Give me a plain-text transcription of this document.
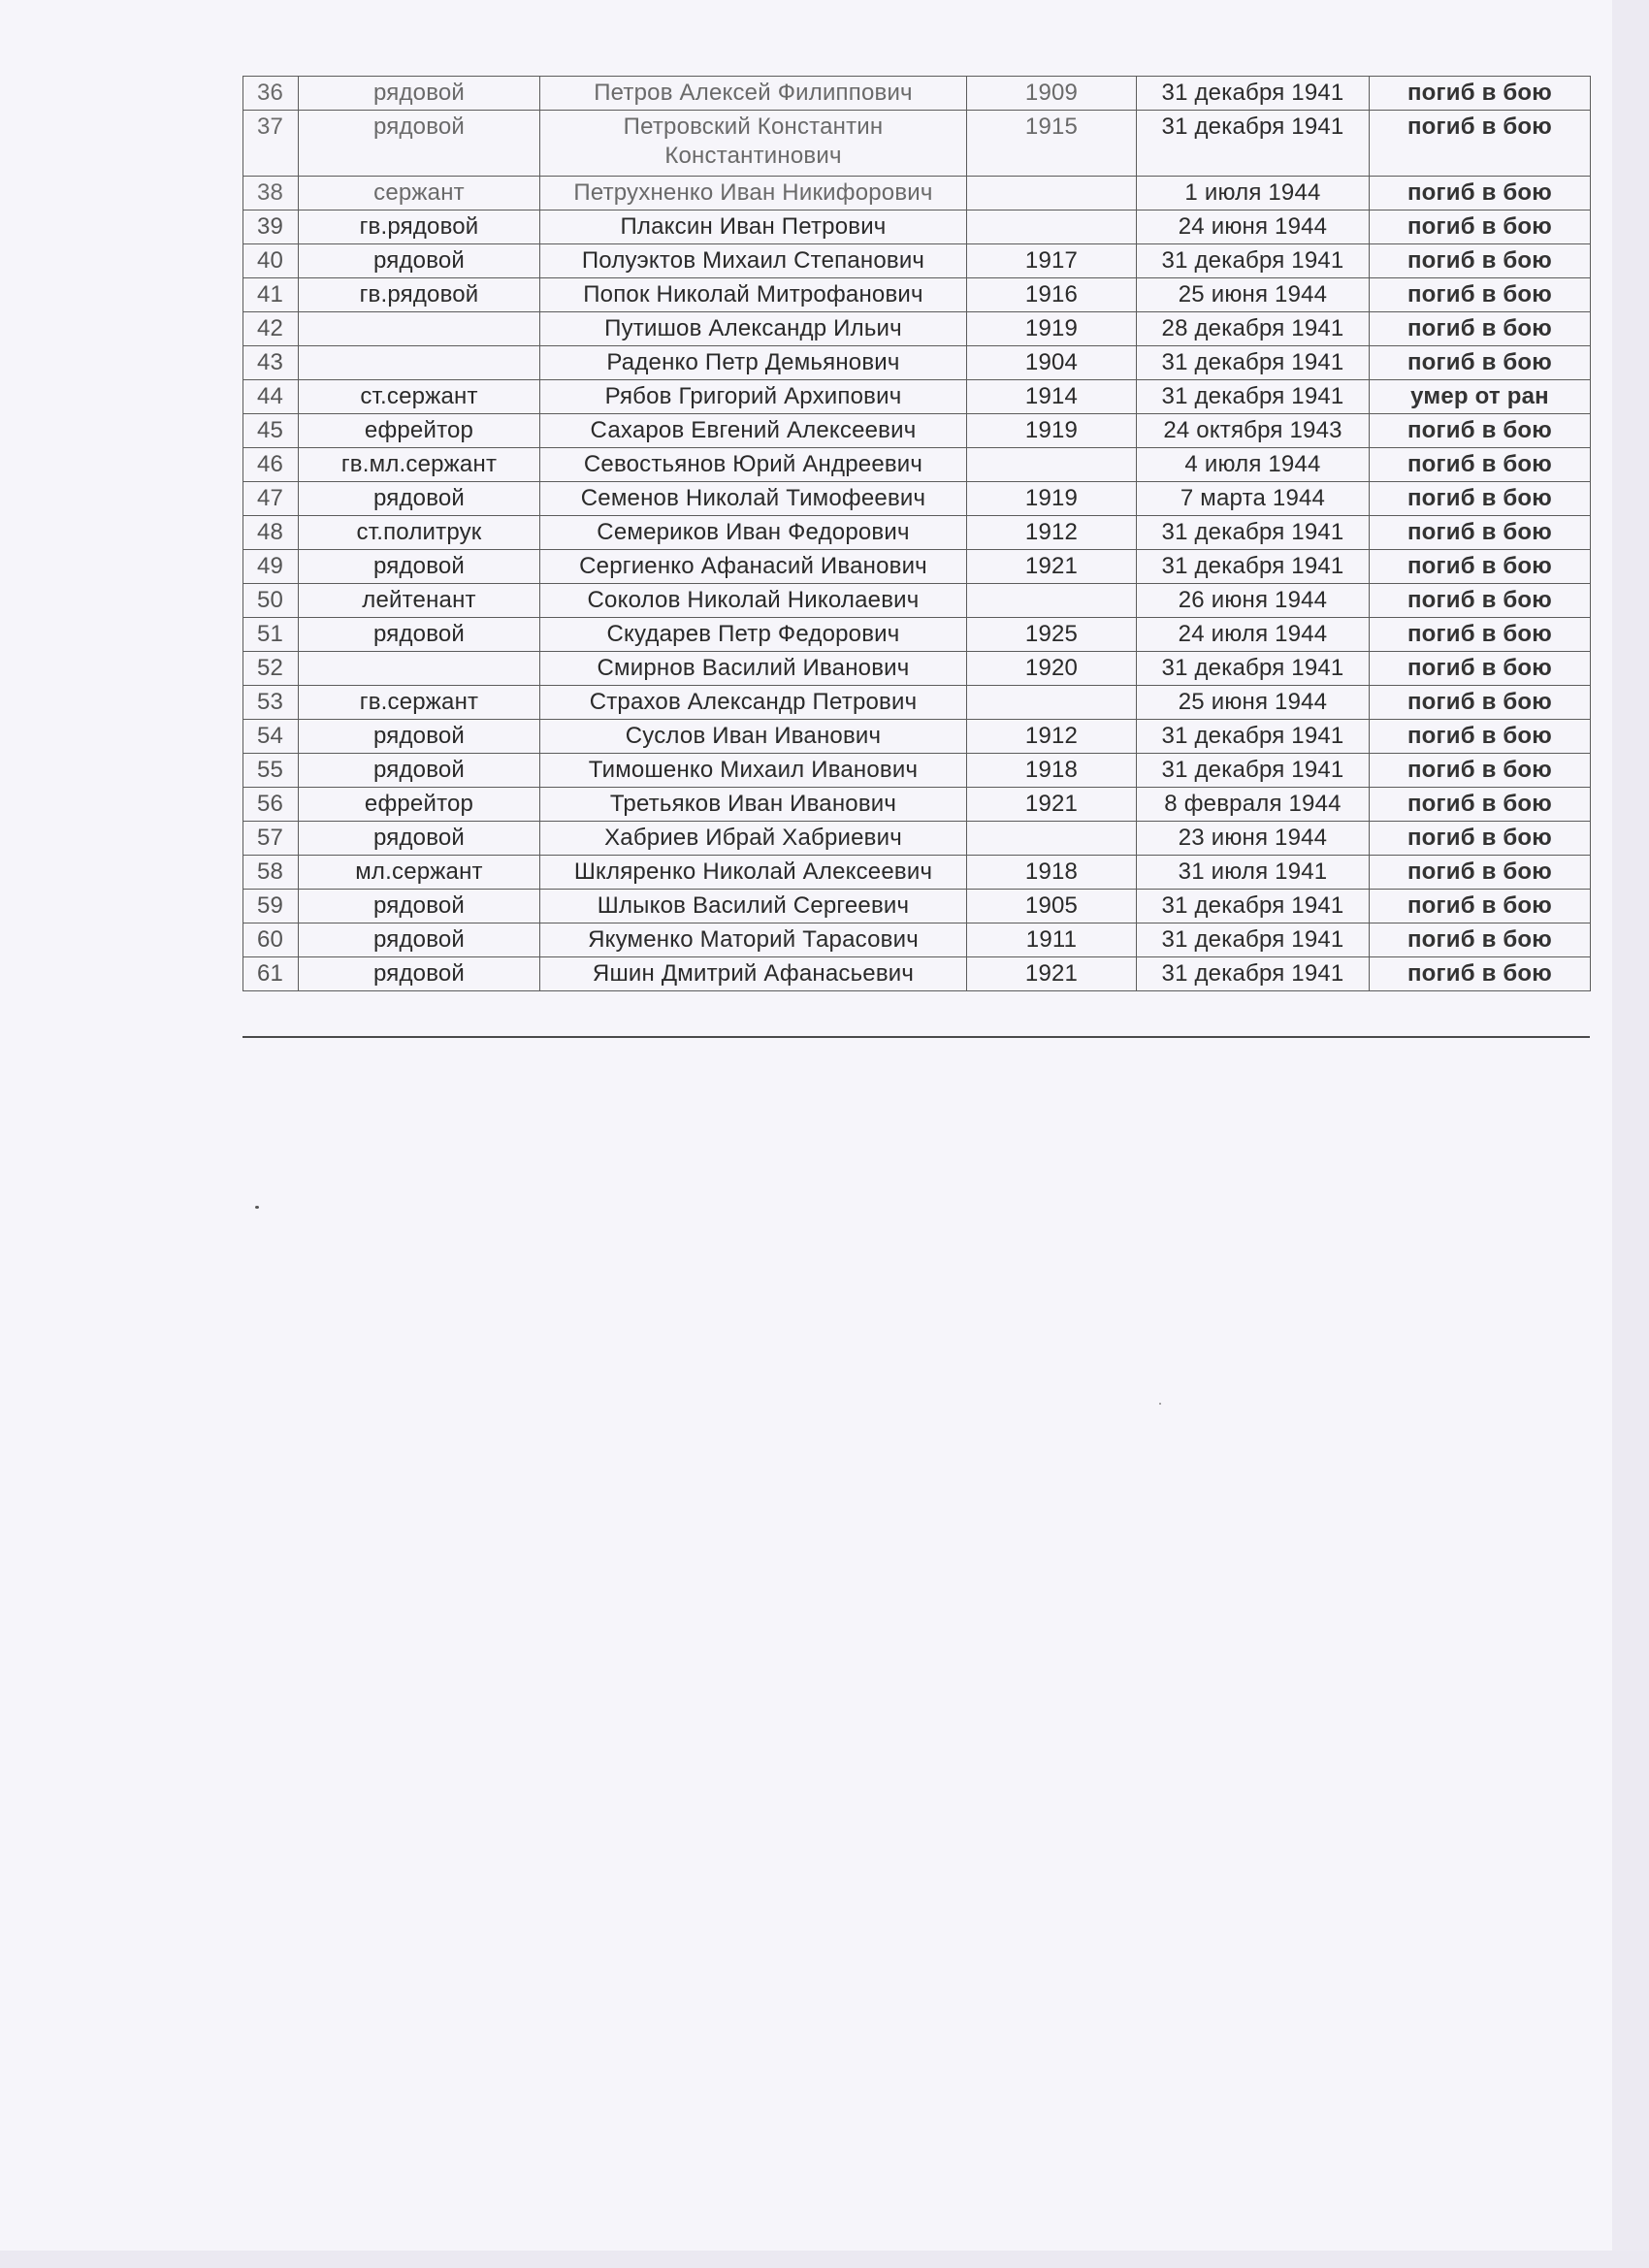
36	рядовой	Петров Алексей Филиппович	1909	31 декабря 1941	погиб в бою
37	рядовой	Петровский Константин Константинович	1915	31 декабря 1941	погиб в бою
38	сержант	Петрухненко Иван Никифорович		1 июля 1944	погиб в бою
39	гв.рядовой	Плаксин Иван Петрович		24 июня 1944	погиб в бою
40	рядовой	Полуэктов Михаил Степанович	1917	31 декабря 1941	погиб в бою
41	гв.рядовой	Попок Николай Митрофанович	1916	25 июня 1944	погиб в бою
42		Путишов Александр Ильич	1919	28 декабря 1941	погиб в бою
43		Раденко Петр Демьянович	1904	31 декабря 1941	погиб в бою
44	ст.сержант	Рябов Григорий Архипович	1914	31 декабря 1941	умер от ран
45	ефрейтор	Сахаров Евгений Алексеевич	1919	24 октября 1943	погиб в бою
46	гв.мл.сержант	Севостьянов Юрий Андреевич		4 июля 1944	погиб в бою
47	рядовой	Семенов Николай Тимофеевич	1919	7 марта 1944	погиб в бою
48	ст.политрук	Семериков Иван Федорович	1912	31 декабря 1941	погиб в бою
49	рядовой	Сергиенко Афанасий Иванович	1921	31 декабря 1941	погиб в бою
50	лейтенант	Соколов Николай Николаевич		26 июня 1944	погиб в бою
51	рядовой	Скударев Петр Федорович	1925	24 июля 1944	погиб в бою
52		Смирнов Василий Иванович	1920	31 декабря 1941	погиб в бою
53	гв.сержант	Страхов Александр Петрович		25 июня 1944	погиб в бою
54	рядовой	Суслов Иван Иванович	1912	31 декабря 1941	погиб в бою
55	рядовой	Тимошенко Михаил Иванович	1918	31 декабря 1941	погиб в бою
56	ефрейтор	Третьяков Иван Иванович	1921	8 февраля 1944	погиб в бою
57	рядовой	Хабриев Ибрай Хабриевич		23 июня 1944	погиб в бою
58	мл.сержант	Шкляренко Николай Алексеевич	1918	31 июля 1941	погиб в бою
59	рядовой	Шлыков Василий Сергеевич	1905	31 декабря 1941	погиб в бою
60	рядовой	Якуменко Маторий Тарасович	1911	31 декабря 1941	погиб в бою
61	рядовой	Яшин Дмитрий Афанасьевич	1921	31 декабря 1941	погиб в бою
